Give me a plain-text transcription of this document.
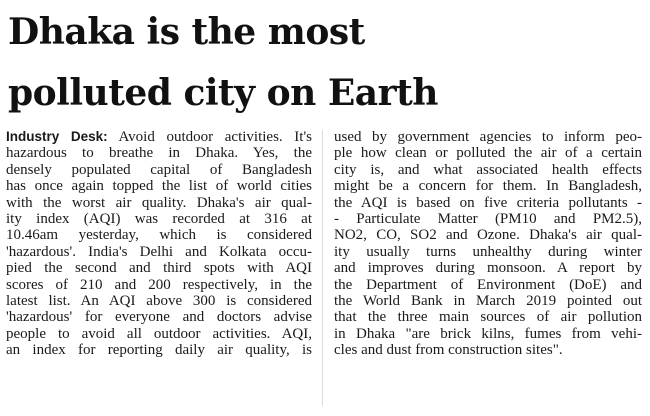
Dhaka is the most
polluted city on Earth
Industry Desk: Avoid outdoor activities. It's
hazardous to breathe in Dhaka. Yes, the
densely populated capital of Bangladesh
has once again topped the list of world cities
with the worst air quality. Dhaka's air qual-
ity index (AQI) was recorded at 316 at
10.46am yesterday, which is considered
'hazardous'. India's Delhi and Kolkata occu-
pied the second and third spots with AQI
scores of 210 and 200 respectively, in the
latest list. An AQI above 300 is considered
'hazardous' for everyone and doctors advise
people to avoid all outdoor activities. AQI,
an index for reporting daily air quality, is
used by government agencies to inform peo-
ple how clean or polluted the air of a certain
city is, and what associated health effects
might be a concern for them. In Bangladesh,
the AQI is based on five criteria pollutants -
- Particulate Matter (PM10 and PM2.5),
NO2, CO, SO2 and Ozone. Dhaka's air qual-
ity usually turns unhealthy during winter
and improves during monsoon. A report by
the Department of Environment (DoE) and
the World Bank in March 2019 pointed out
that the three main sources of air pollution
in Dhaka "are brick kilns, fumes from vehi-
cles and dust from construction sites".
